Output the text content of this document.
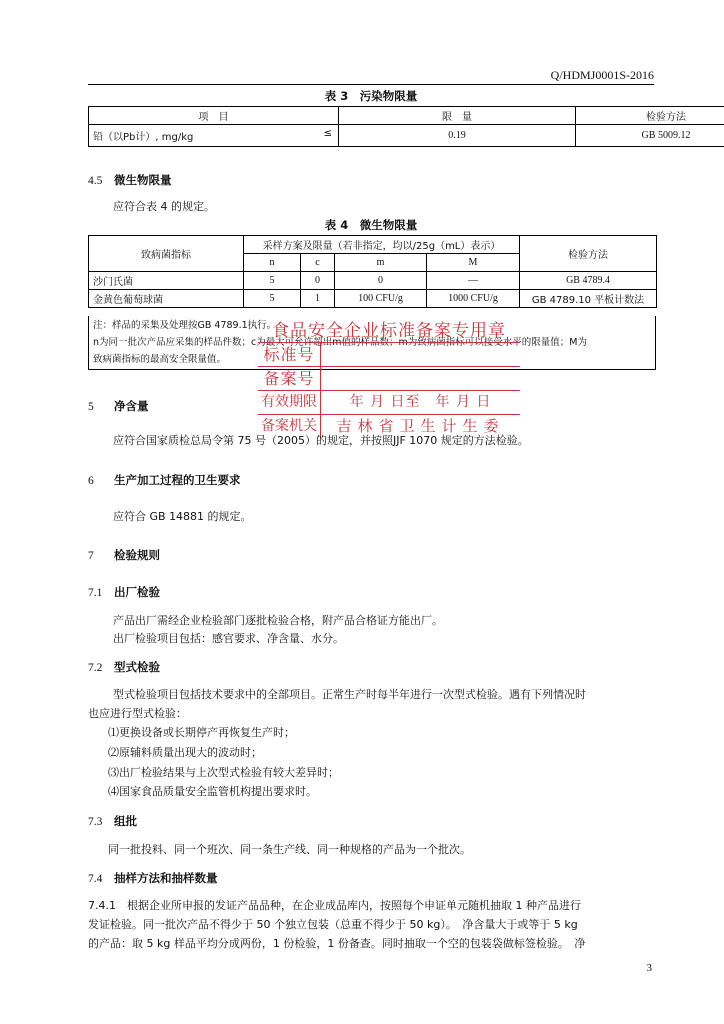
Q/HDMJ0001S-2016
表 3　污染物限量
项　目	限　量	检验方法
铅（以Pb计）, mg/kg ≤	0.19	GB 5009.12
4.5 微生物限量
应符合表 4 的规定。
表 4　微生物限量
致病菌指标	采样方案及限量（若非指定，均以/25g（mL）表示）				检验方法
	n	c	m	M	
沙门氏菌	5	0	0	—	GB 4789.4
金黄色葡萄球菌	5	1	100 CFU/g	1000 CFU/g	GB 4789.10 平板计数法
注：样品的采集及处理按GB 4789.1执行。
n为同一批次产品应采集的样品件数；c为最大可允许超出m值的样品数；m为致病菌指标可以接受水平的限量值；M为
致病菌指标的最高安全限量值。
食品安全企业标准备案专用章
标准号
备案号
有效期限	年 月 日至　年 月 日
备案机关	吉林省卫生计生委
5 净含量
应符合国家质检总局令第 75 号（2005）的规定，并按照JJF 1070 规定的方法检验。
6 生产加工过程的卫生要求
应符合 GB 14881 的规定。
7 检验规则
7.1 出厂检验
产品出厂需经企业检验部门逐批检验合格，附产品合格证方能出厂。
出厂检验项目包括：感官要求、净含量、水分。
7.2 型式检验
型式检验项目包括技术要求中的全部项目。正常生产时每半年进行一次型式检验。遇有下列情况时
也应进行型式检验：
⑴更换设备或长期停产再恢复生产时；
⑵原辅料质量出现大的波动时；
⑶出厂检验结果与上次型式检验有较大差异时；
⑷国家食品质量安全监管机构提出要求时。
7.3 组批
同一批投料、同一个班次、同一条生产线、同一种规格的产品为一个批次。
7.4 抽样方法和抽样数量
7.4.1　根据企业所申报的发证产品品种，在企业成品库内，按照每个申证单元随机抽取 1 种产品进行
发证检验。同一批次产品不得少于 50 个独立包装（总重不得少于 50 kg）。　净含量大于或等于 5 kg
的产品：取 5 kg 样品平均分成两份，1 份检验，1 份备查。同时抽取一个空的包装袋做标签检验。　净
3
